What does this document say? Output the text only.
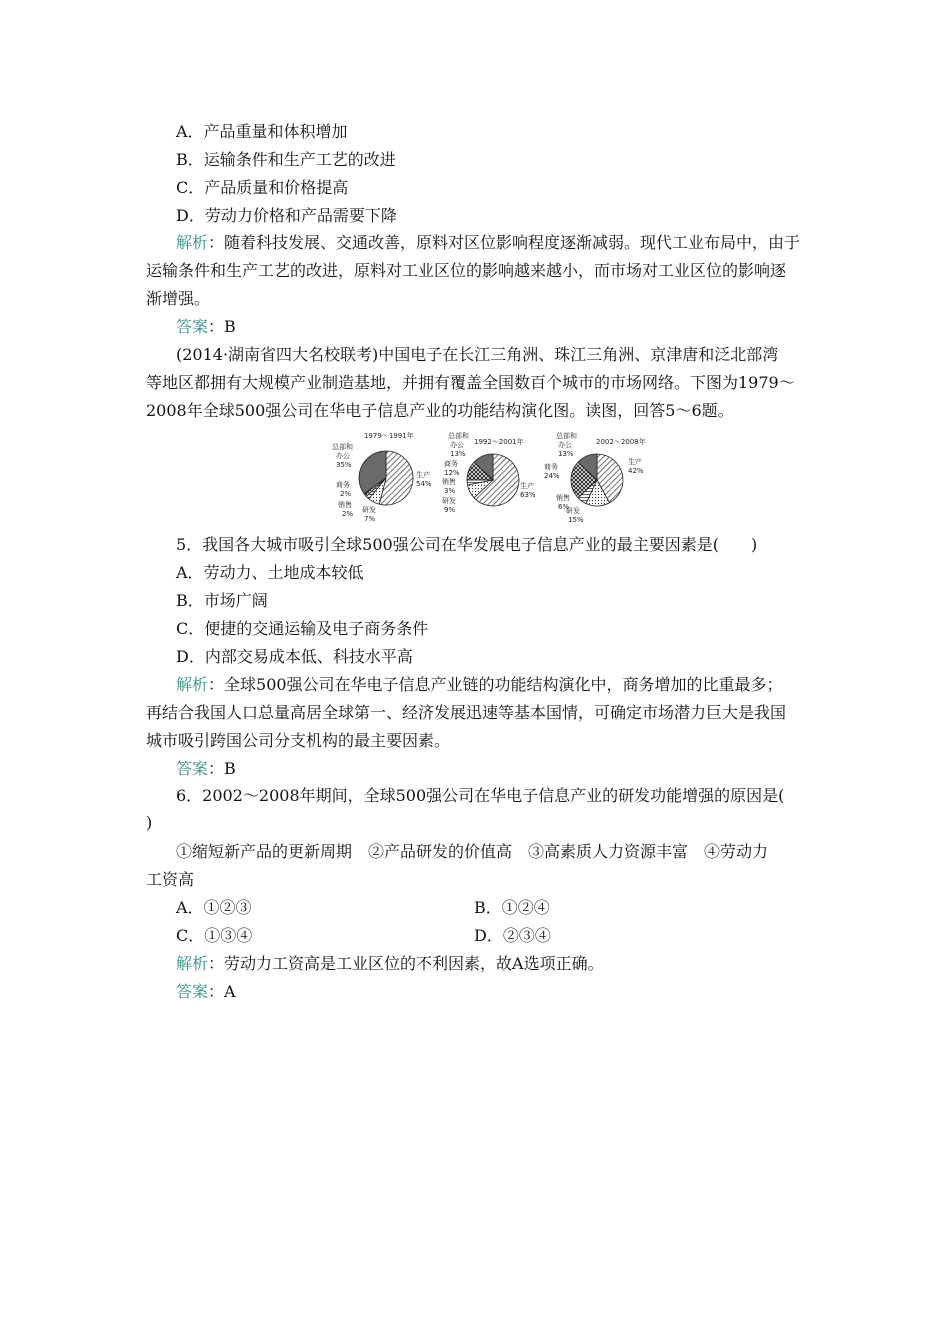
A．产品重量和体积增加
B．运输条件和生产工艺的改进
C．产品质量和价格提高
D．劳动力价格和产品需要下降
解析：随着科技发展、交通改善，原料对区位影响程度逐渐减弱。现代工业布局中，由于
运输条件和生产工艺的改进，原料对工业区位的影响越来越小，而市场对工业区位的影响逐
渐增强。
答案：B
(2014·湖南省四大名校联考)中国电子在长江三角洲、珠江三角洲、京津唐和泛北部湾
等地区都拥有大规模产业制造基地，并拥有覆盖全国数百个城市的市场网络。下图为1979～
2008年全球500强公司在华电子信息产业的功能结构演化图。读图，回答5～6题。
1979～1991年
总部和
办公
35%
生产
54%
商务
2%
销售
2% 研发
7%
1992～2001年
总部和
办公
13%
生产
63%
商务
12%
销售
3%
研发
9%
2002～2008年
总部和
办公
13%
生产
42%
商务
24%
销售
6%
研发
15%
5．我国各大城市吸引全球500强公司在华发展电子信息产业的最主要因素是(　　)
A．劳动力、土地成本较低
B．市场广阔
C．便捷的交通运输及电子商务条件
D．内部交易成本低、科技水平高
解析：全球500强公司在华电子信息产业链的功能结构演化中，商务增加的比重最多；
再结合我国人口总量高居全球第一、经济发展迅速等基本国情，可确定市场潜力巨大是我国
城市吸引跨国公司分支机构的最主要因素。
答案：B
6．2002～2008年期间，全球500强公司在华电子信息产业的研发功能增强的原因是(
)
①缩短新产品的更新周期　②产品研发的价值高　③高素质人力资源丰富　④劳动力
工资高
A．①②③	B．①②④
C．①③④	D．②③④
解析：劳动力工资高是工业区位的不利因素，故A选项正确。
答案：A
